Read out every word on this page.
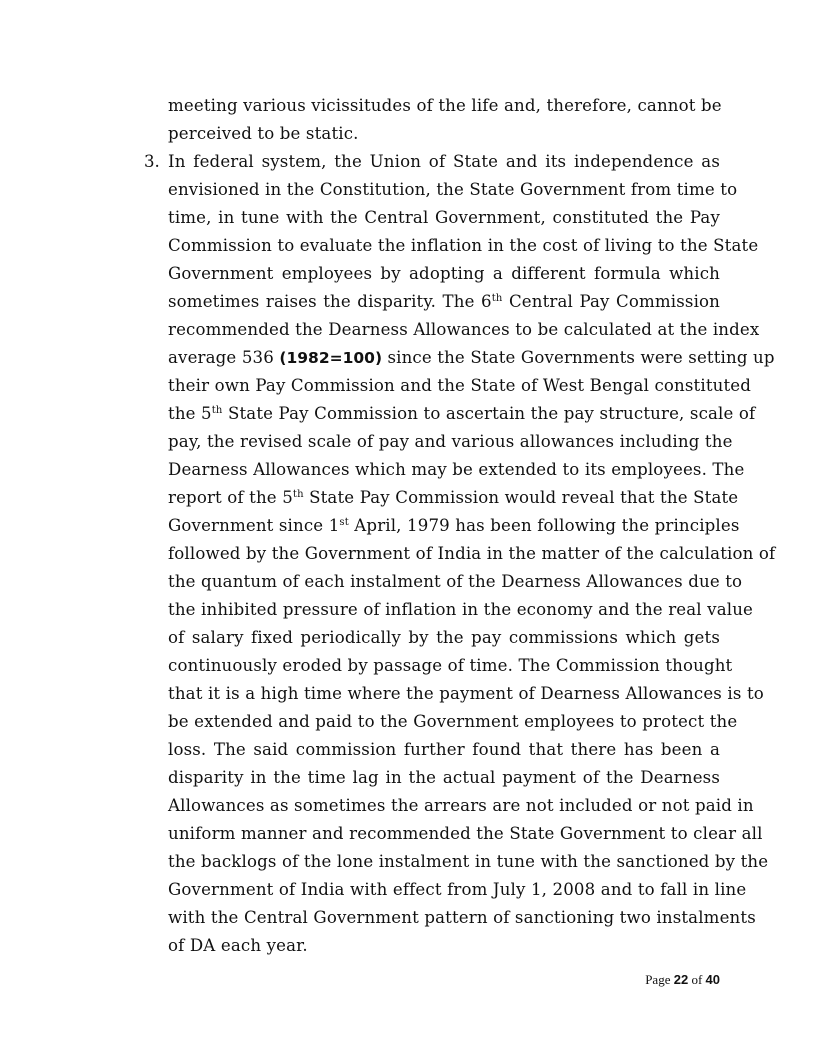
meeting various vicissitudes of the life and, therefore, cannot be
perceived to be static.
3. In federal system, the Union of State and its independence as
envisioned in the Constitution, the State Government from time to
time, in tune with the Central Government, constituted the Pay
Commission to evaluate the inflation in the cost of living to the State
Government employees by adopting a different formula which
sometimes raises the disparity. The 6th Central Pay Commission
recommended the Dearness Allowances to be calculated at the index
average 536 (1982=100) since the State Governments were setting up
their own Pay Commission and the State of West Bengal constituted
the 5th State Pay Commission to ascertain the pay structure, scale of
pay, the revised scale of pay and various allowances including the
Dearness Allowances which may be extended to its employees. The
report of the 5th State Pay Commission would reveal that the State
Government since 1st April, 1979 has been following the principles
followed by the Government of India in the matter of the calculation of
the quantum of each instalment of the Dearness Allowances due to
the inhibited pressure of inflation in the economy and the real value
of salary fixed periodically by the pay commissions which gets
continuously eroded by passage of time. The Commission thought
that it is a high time where the payment of Dearness Allowances is to
be extended and paid to the Government employees to protect the
loss. The said commission further found that there has been a
disparity in the time lag in the actual payment of the Dearness
Allowances as sometimes the arrears are not included or not paid in
uniform manner and recommended the State Government to clear all
the backlogs of the lone instalment in tune with the sanctioned by the
Government of India with effect from July 1, 2008 and to fall in line
with the Central Government pattern of sanctioning two instalments
of DA each year.
Page 22 of 40
